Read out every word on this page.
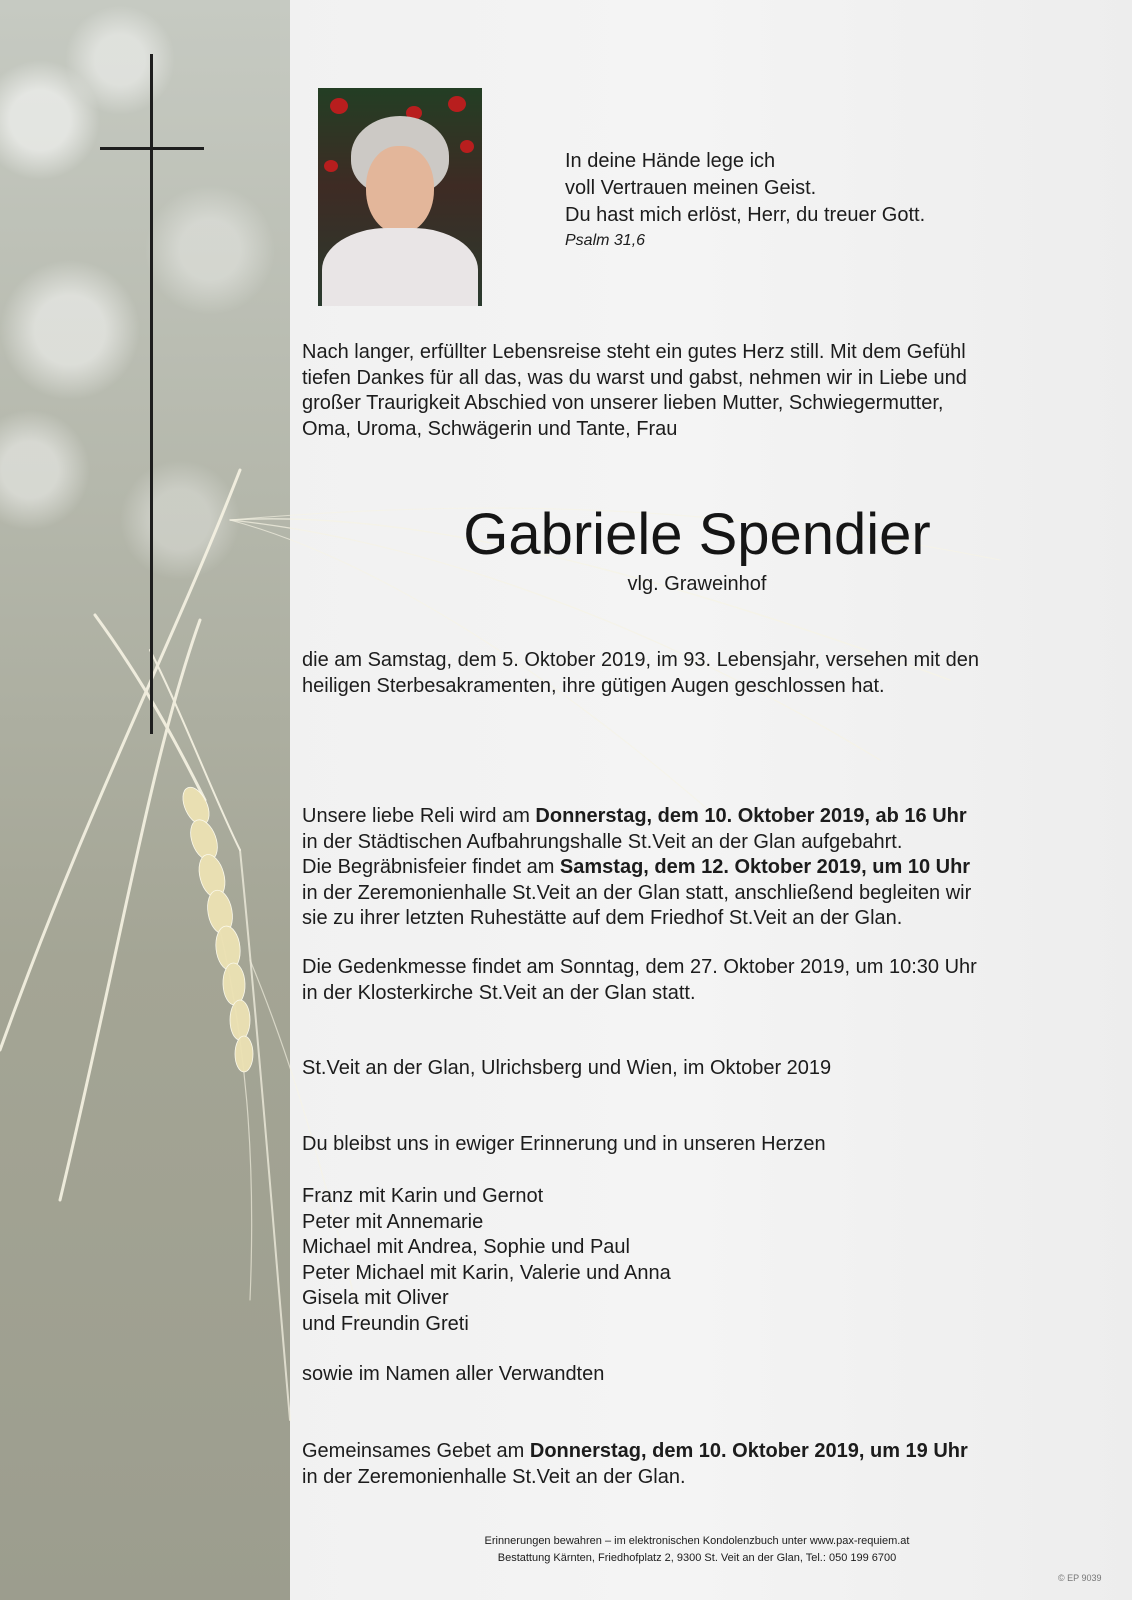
In deine Hände lege ich
voll Vertrauen meinen Geist.
Du hast mich erlöst, Herr, du treuer Gott.
Psalm 31,6
Nach langer, erfüllter Lebensreise steht ein gutes Herz still. Mit dem Gefühl
tiefen Dankes für all das, was du warst und gabst, nehmen wir in Liebe und
großer Traurigkeit Abschied von unserer lieben Mutter, Schwiegermutter,
Oma, Uroma, Schwägerin und Tante, Frau
Gabriele Spendier
vlg. Graweinhof
die am Samstag, dem 5. Oktober 2019, im 93. Lebensjahr, versehen mit den
heiligen Sterbesakramenten, ihre gütigen Augen geschlossen hat.
Unsere liebe Reli wird am Donnerstag, dem 10. Oktober 2019, ab 16 Uhr
in der Städtischen Aufbahrungshalle St.Veit an der Glan aufgebahrt.
Die Begräbnisfeier findet am Samstag, dem 12. Oktober 2019, um 10 Uhr
in der Zeremonienhalle St.Veit an der Glan statt, anschließend begleiten wir
sie zu ihrer letzten Ruhestätte auf dem Friedhof St.Veit an der Glan.
Die Gedenkmesse findet am Sonntag, dem 27. Oktober 2019, um 10:30 Uhr
in der Klosterkirche St.Veit an der Glan statt.
St.Veit an der Glan, Ulrichsberg und Wien, im Oktober 2019
Du bleibst uns in ewiger Erinnerung und in unseren Herzen
Franz mit Karin und Gernot
Peter mit Annemarie
Michael mit Andrea, Sophie und Paul
Peter Michael mit Karin, Valerie und Anna
Gisela mit Oliver
und Freundin Greti
sowie im Namen aller Verwandten
Gemeinsames Gebet am Donnerstag, dem 10. Oktober 2019, um 19 Uhr
in der Zeremonienhalle St.Veit an der Glan.
Erinnerungen bewahren – im elektronischen Kondolenzbuch unter www.pax-requiem.at
Bestattung Kärnten, Friedhofplatz 2, 9300 St. Veit an der Glan, Tel.: 050 199 6700
© EP 9039
